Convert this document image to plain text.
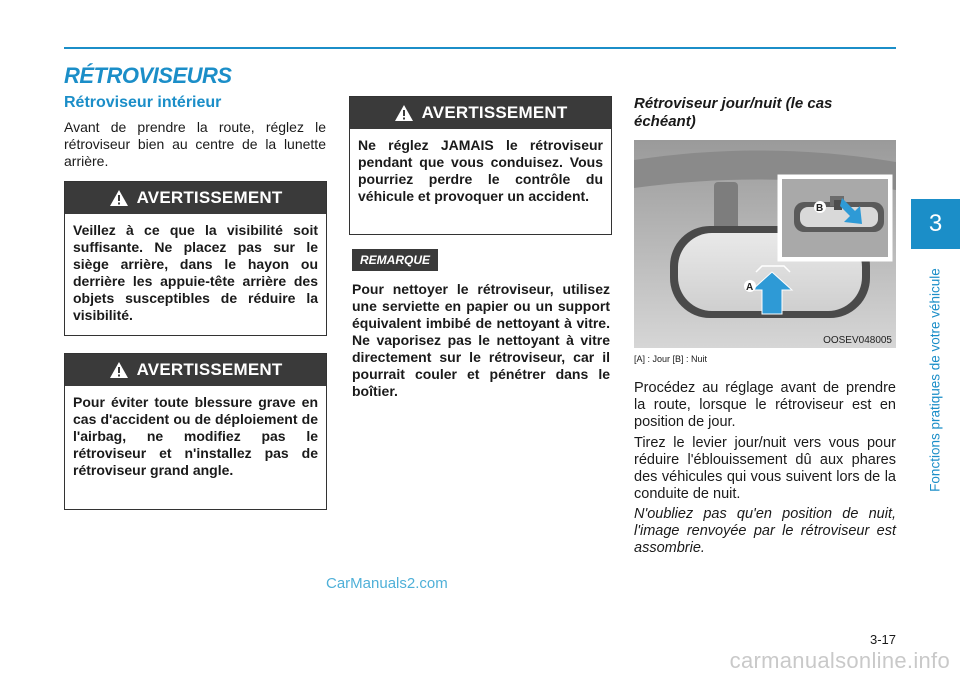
RÉTROVISEURS
Rétroviseur intérieur

Avant de prendre la route, réglez le rétroviseur bien au centre de la lunette arrière.

AVERTISSEMENT
Veillez à ce que la visibilité soit suffisante. Ne placez pas sur le siège arrière, dans le hayon ou derrière les appuie-tête arrière des objets susceptibles de réduire la visibilité.
AVERTISSEMENT
Pour éviter toute blessure grave en cas d'accident ou de déploiement de l'airbag, ne modifiez pas le rétroviseur et n'installez pas de rétroviseur grand angle.
AVERTISSEMENT
Ne réglez JAMAIS le rétroviseur pendant que vous conduisez. Vous pourriez perdre le contrôle du véhicule et provoquer un accident.
REMARQUE

Pour nettoyer le rétroviseur, utilisez une serviette en papier ou un support équivalent imbibé de nettoyant à vitre. Ne vaporisez pas le nettoyant à vitre directement sur le rétroviseur, car il pourrait couler et pénétrer dans le boîtier.

Rétroviseur jour/nuit (le cas échéant)
A
B
OOSEV048005

[A] : Jour [B] : Nuit

Procédez au réglage avant de prendre la route, lorsque le rétroviseur est en position de jour.

Tirez le levier jour/nuit vers vous pour réduire l'éblouissement dû aux phares des véhicules qui vous suivent lors de la conduite de nuit.

N'oubliez pas qu'en position de nuit, l'image renvoyée par le rétroviseur est assombrie.

3
Fonctions pratiques de votre véhicule

3-17

CarManuals2.com

carmanualsonline.info
